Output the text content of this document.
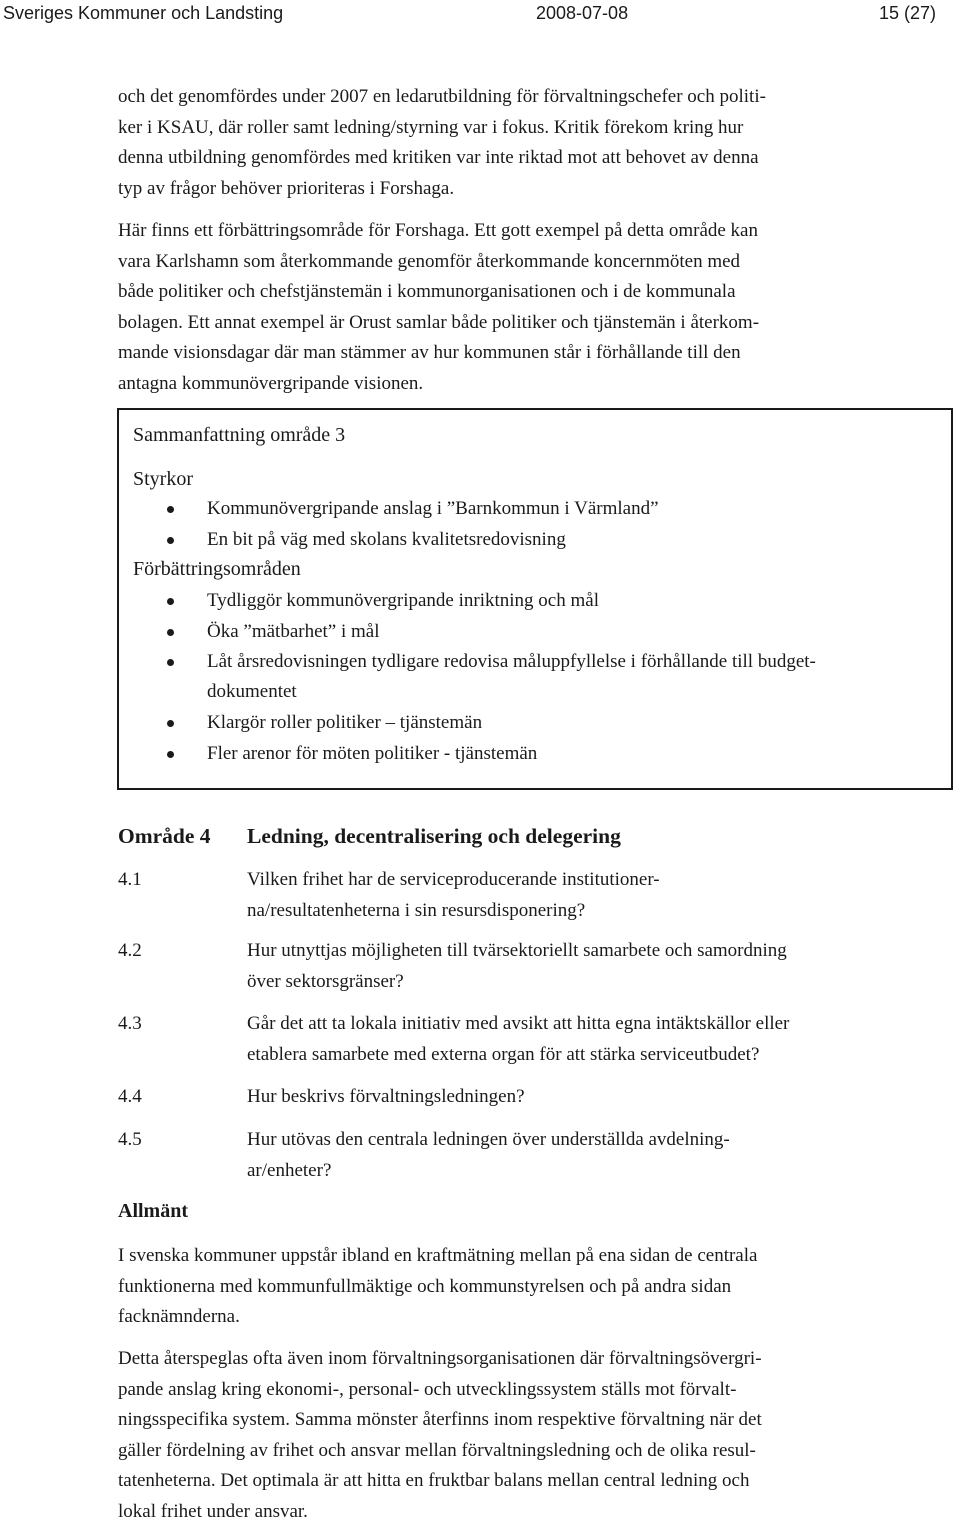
Sveriges Kommuner och Landsting	2008-07-08	15 (27)

och det genomfördes under 2007 en ledarutbildning för förvaltningschefer och politi-
ker i KSAU, där roller samt ledning/styrning var i fokus. Kritik förekom kring hur
denna utbildning genomfördes med kritiken var inte riktad mot att behovet av denna
typ av frågor behöver prioriteras i Forshaga.

Här finns ett förbättringsområde för Forshaga. Ett gott exempel på detta område kan
vara Karlshamn som återkommande genomför återkommande koncernmöten med
både politiker och chefstjänstemän i kommunorganisationen och i de kommunala
bolagen. Ett annat exempel är Orust samlar både politiker och tjänstemän i återkom-
mande visionsdagar där man stämmer av hur kommunen står i förhållande till den
antagna kommunövergripande visionen.

Sammanfattning område 3
Styrkor
Kommunövergripande anslag i ”Barnkommun i Värmland”
En bit på väg med skolans kvalitetsredovisning
Förbättringsområden
Tydliggör kommunövergripande inriktning och mål
Öka ”mätbarhet” i mål
Låt årsredovisningen tydligare redovisa måluppfyllelse i förhållande till budget-
dokumentet
Klargör roller politiker – tjänstemän
Fler arenor för möten politiker - tjänstemän
Område 4 Ledning, decentralisering och delegering
4.1	Vilken frihet har de serviceproducerande institutioner-
na/resultatenheterna i sin resursdisponering?
4.2	Hur utnyttjas möjligheten till tvärsektoriellt samarbete och samordning
över sektorsgränser?
4.3	Går det att ta lokala initiativ med avsikt att hitta egna intäktskällor eller
etablera samarbete med externa organ för att stärka serviceutbudet?
4.4	Hur beskrivs förvaltningsledningen?
4.5	Hur utövas den centrala ledningen över underställda avdelning-
ar/enheter?
Allmänt

I svenska kommuner uppstår ibland en kraftmätning mellan på ena sidan de centrala
funktionerna med kommunfullmäktige och kommunstyrelsen och på andra sidan
facknämnderna.

Detta återspeglas ofta även inom förvaltningsorganisationen där förvaltningsövergri-
pande anslag kring ekonomi-, personal- och utvecklingssystem ställs mot förvalt-
ningsspecifika system. Samma mönster återfinns inom respektive förvaltning när det
gäller fördelning av frihet och ansvar mellan förvaltningsledning och de olika resul-
tatenheterna. Det optimala är att hitta en fruktbar balans mellan central ledning och
lokal frihet under ansvar.
